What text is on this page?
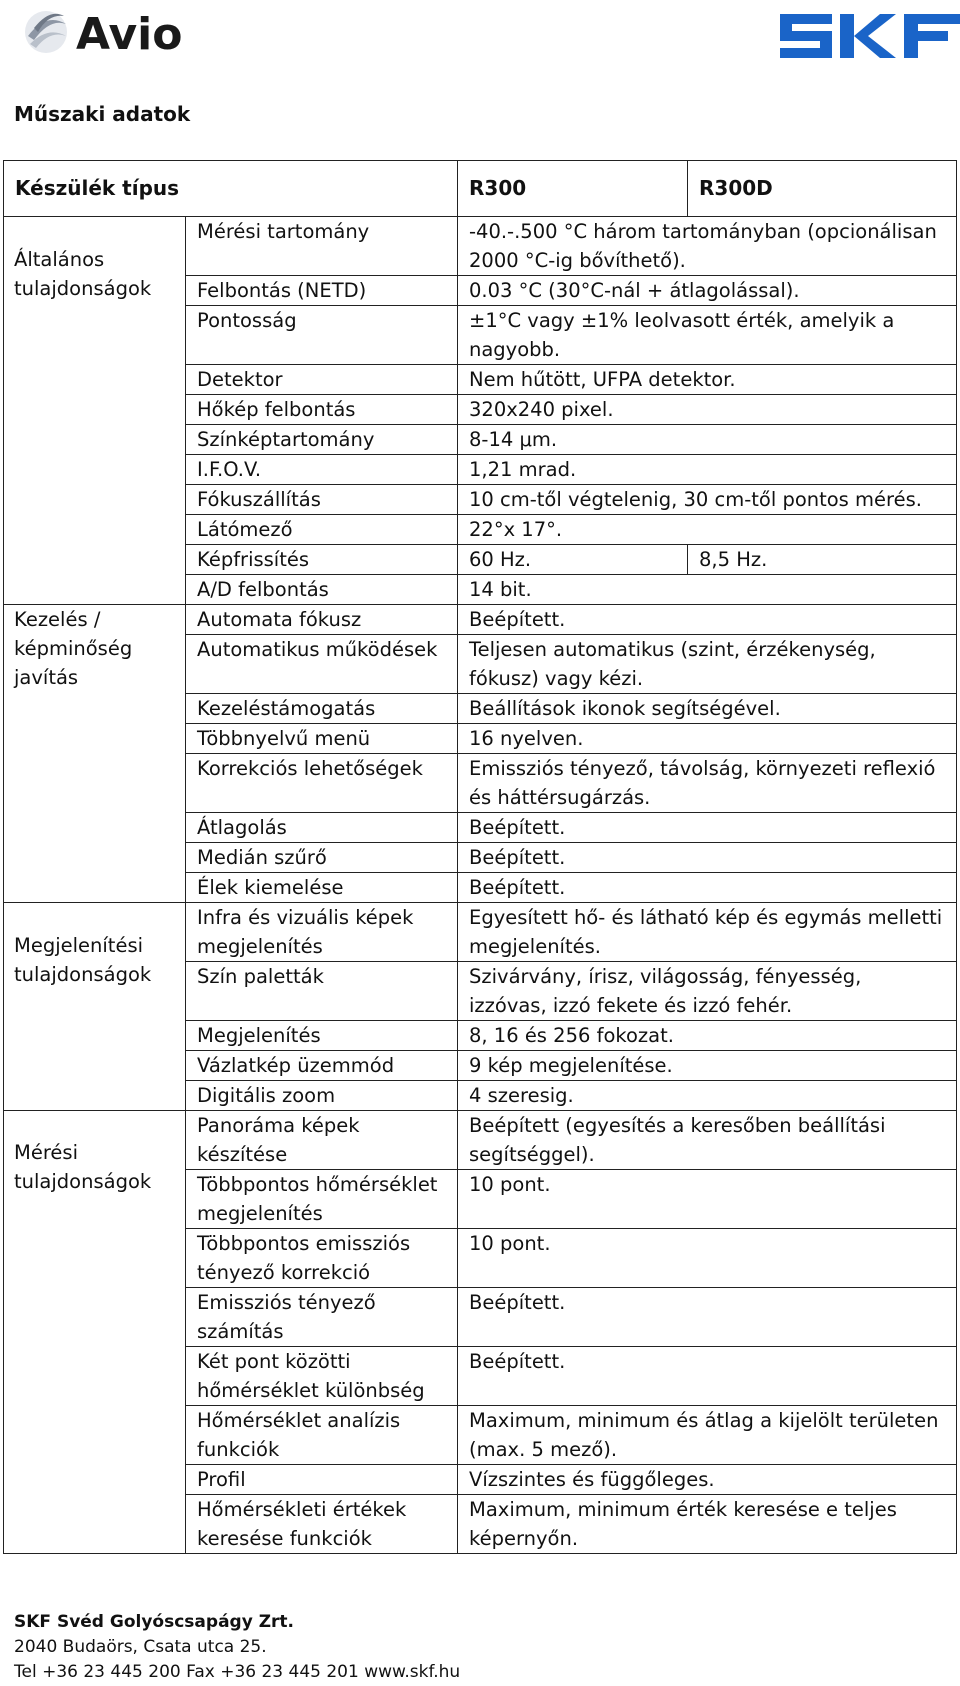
Avio
Műszaki adatok
Készülék típus		R300	R300D
Általános tulajdonságok	Mérési tartomány	-40.-.500 °C három tartományban (opcionálisan 2000 °C-ig bővíthető).	
	Felbontás (NETD)	0.03 °C (30°C-nál + átlagolással).	
	Pontosság	±1°C vagy ±1% leolvasott érték, amelyik a nagyobb.	
	Detektor	Nem hűtött, UFPA detektor.	
	Hőkép felbontás	320x240 pixel.	
	Színképtartomány	8-14 μm.	
	I.F.O.V.	1,21 mrad.	
	Fókuszállítás	10 cm-től végtelenig, 30 cm-től pontos mérés.	
	Látómező	22°x 17°.	
	Képfrissítés	60 Hz.	8,5 Hz.
	A/D felbontás	14 bit.	
Kezelés / képminőség javítás	Automata fókusz	Beépített.	
	Automatikus működések	Teljesen automatikus (szint, érzékenység, fókusz) vagy kézi.	
	Kezeléstámogatás	Beállítások ikonok segítségével.	
	Többnyelvű menü	16 nyelven.	
	Korrekciós lehetőségek	Emissziós tényező, távolság, környezeti reflexió és háttérsugárzás.	
	Átlagolás	Beépített.	
	Medián szűrő	Beépített.	
	Élek kiemelése	Beépített.	
Megjelenítési tulajdonságok	Infra és vizuális képek megjelenítés	Egyesített hő- és látható kép és egymás melletti megjelenítés.	
	Szín paletták	Szivárvány, írisz, világosság, fényesség, izzóvas, izzó fekete és izzó fehér.	
	Megjelenítés	8, 16 és 256 fokozat.	
	Vázlatkép üzemmód	9 kép megjelenítése.	
	Digitális zoom	4 szeresig.	
Mérési tulajdonságok	Panoráma képek készítése	Beépített (egyesítés a keresőben beállítási segítséggel).	
	Többpontos hőmérséklet megjelenítés	10 pont.	
	Többpontos emissziós tényező korrekció	10 pont.	
	Emissziós tényező számítás	Beépített.	
	Két pont közötti hőmérséklet különbség	Beépített.	
	Hőmérséklet analízis funkciók	Maximum, minimum és átlag a kijelölt területen (max. 5 mező).	
	Profil	Vízszintes és függőleges.	
	Hőmérsékleti értékek keresése funkciók	Maximum, minimum érték keresése e teljes képernyőn.	
SKF Svéd Golyóscsapágy Zrt.
2040 Budaörs, Csata utca 25.
Tel +36 23 445 200 Fax +36 23 445 201 www.skf.hu
